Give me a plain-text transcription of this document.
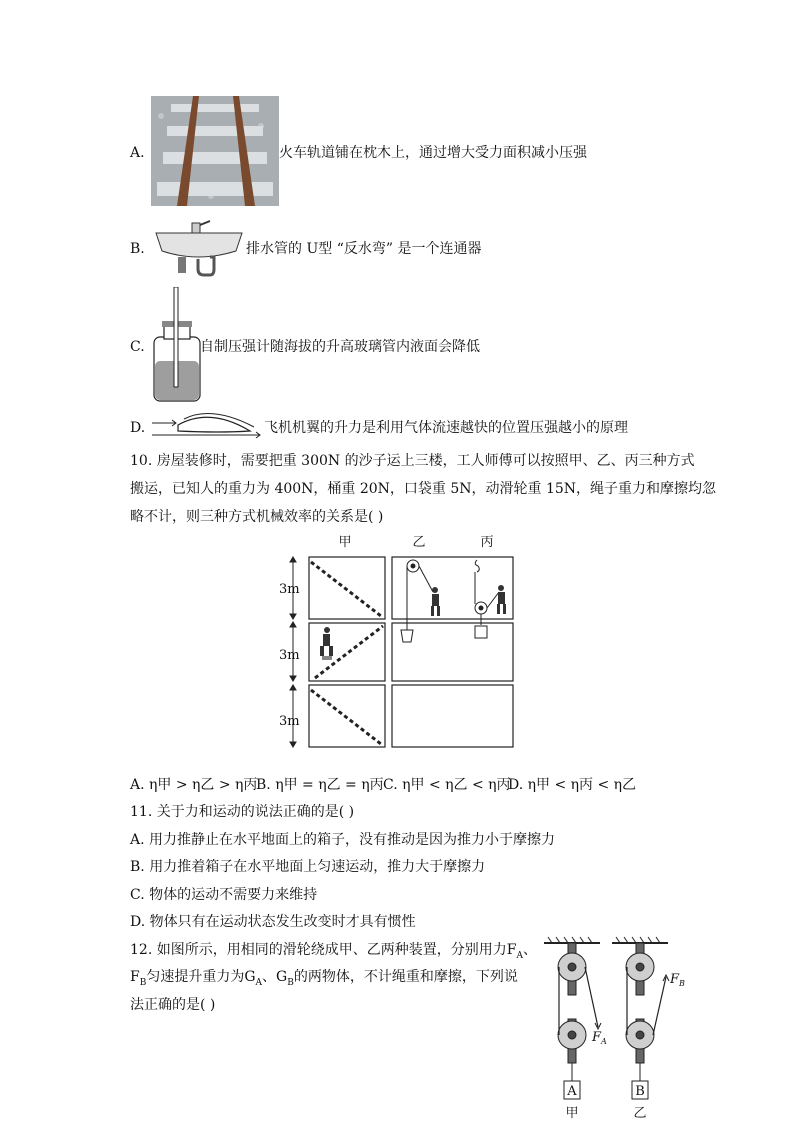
A.	火车轨道铺在枕木上，通过增大受力面积减小压强
B.	排水管的 U型 “反水弯” 是一个连通器
C.	自制压强计随海拔的升高玻璃管内液面会降低
D.	飞机机翼的升力是利用气体流速越快的位置压强越小的原理
10. 房屋装修时，需要把重 300N 的沙子运上三楼，工人师傅可以按照甲、乙、丙三种方式
搬运，已知人的重力为 400N，桶重 20N，口袋重 5N，动滑轮重 15N，绳子重力和摩擦均忽
略不计，则三种方式机械效率的关系是( )
甲	乙	丙
3m
3m
3m
A. η甲 > η乙 > η丙
B. η甲 = η乙 = η丙 C. η甲 < η乙 < η丙
D. η甲 < η丙 < η乙
11. 关于力和运动的说法正确的是( )
A. 用力推静止在水平地面上的箱子，没有推动是因为推力小于摩擦力
B. 用力推着箱子在水平地面上匀速运动，推力大于摩擦力
C. 物体的运动不需要力来维持
D. 物体只有在运动状态发生改变时才具有惯性
12. 如图所示，用相同的滑轮绕成甲、乙两种装置，分别用力$F_A$、
$F_B$匀速提升重力为$G_A$、$G_B$的两物体，不计绳重和摩擦，下列说
法正确的是( )
$F_A$
A
甲
$F_B$
B
乙
